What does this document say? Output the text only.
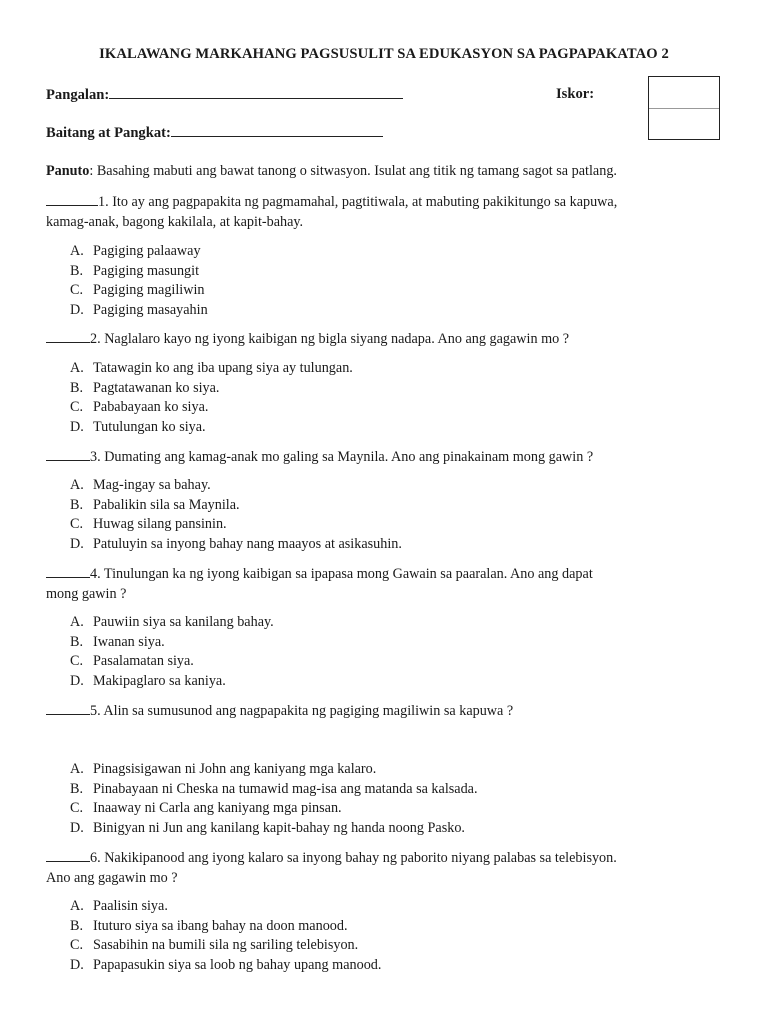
IKALAWANG MARKAHANG PAGSUSULIT SA EDUKASYON SA PAGPAPAKATAO 2
Pangalan:	Iskor:
Baitang at Pangkat:
Panuto: Basahing mabuti ang bawat tanong o sitwasyon. Isulat ang titik ng tamang sagot sa patlang.
1. Ito ay ang pagpapakita ng pagmamahal, pagtitiwala, at mabuting pakikitungo sa kapuwa,
kamag-anak, bagong kakilala, at kapit-bahay.
A. Pagiging palaaway
B. Pagiging masungit
C. Pagiging magiliwin
D. Pagiging masayahin
2. Naglalaro kayo ng iyong kaibigan ng bigla siyang nadapa. Ano ang gagawin mo ?
A. Tatawagin ko ang iba upang siya ay tulungan.
B. Pagtatawanan ko siya.
C. Pababayaan ko siya.
D. Tutulungan ko siya.
3. Dumating ang kamag-anak mo galing sa Maynila. Ano ang pinakainam mong gawin ?
A. Mag-ingay sa bahay.
B. Pabalikin sila sa Maynila.
C. Huwag silang pansinin.
D. Patuluyin sa inyong bahay nang maayos at asikasuhin.
4. Tinulungan ka ng iyong kaibigan sa ipapasa mong Gawain sa paaralan. Ano ang dapat
mong gawin ?
A. Pauwiin siya sa kanilang bahay.
B. Iwanan siya.
C. Pasalamatan siya.
D. Makipaglaro sa kaniya.
5. Alin sa sumusunod ang nagpapakita ng pagiging magiliwin sa kapuwa ?
A. Pinagsisigawan ni John ang kaniyang mga kalaro.
B. Pinabayaan ni Cheska na tumawid mag-isa ang matanda sa kalsada.
C. Inaaway ni Carla ang kaniyang mga pinsan.
D. Binigyan ni Jun ang kanilang kapit-bahay ng handa noong Pasko.
6. Nakikipanood ang iyong kalaro sa inyong bahay ng paborito niyang palabas sa telebisyon.
Ano ang gagawin mo ?
A. Paalisin siya.
B. Ituturo siya sa ibang bahay na doon manood.
C. Sasabihin na bumili sila ng sariling telebisyon.
D. Papapasukin siya sa loob ng bahay upang manood.
